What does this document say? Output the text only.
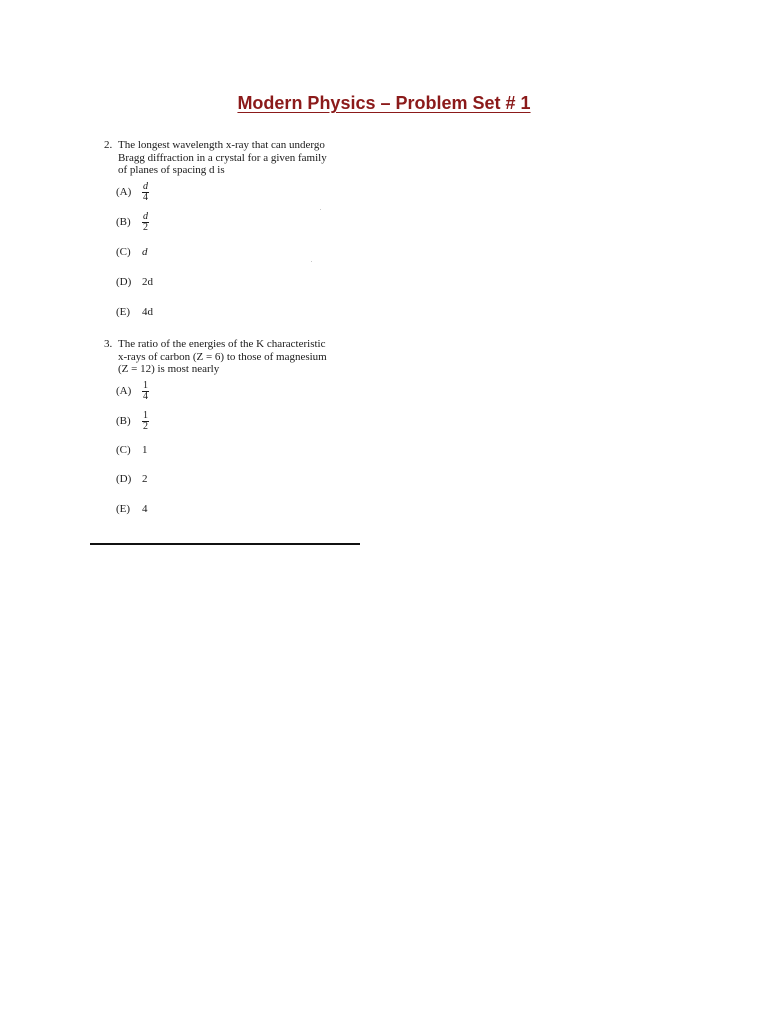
Modern Physics – Problem Set # 1
2. The longest wavelength x-ray that can undergo
Bragg diffraction in a crystal for a given family
of planes of spacing d is
(A)	$\frac{d}{4}$
(B)	$\frac{d}{2}$
(C)	d
(D) 2d
(E)	4d
3. The ratio of the energies of the K characteristic
x-rays of carbon (Z = 6) to those of magnesium
(Z = 12) is most nearly
(A)	$\frac{1}{4}$
(B)	$\frac{1}{2}$
(C)	1
(D) 2
(E)	4
